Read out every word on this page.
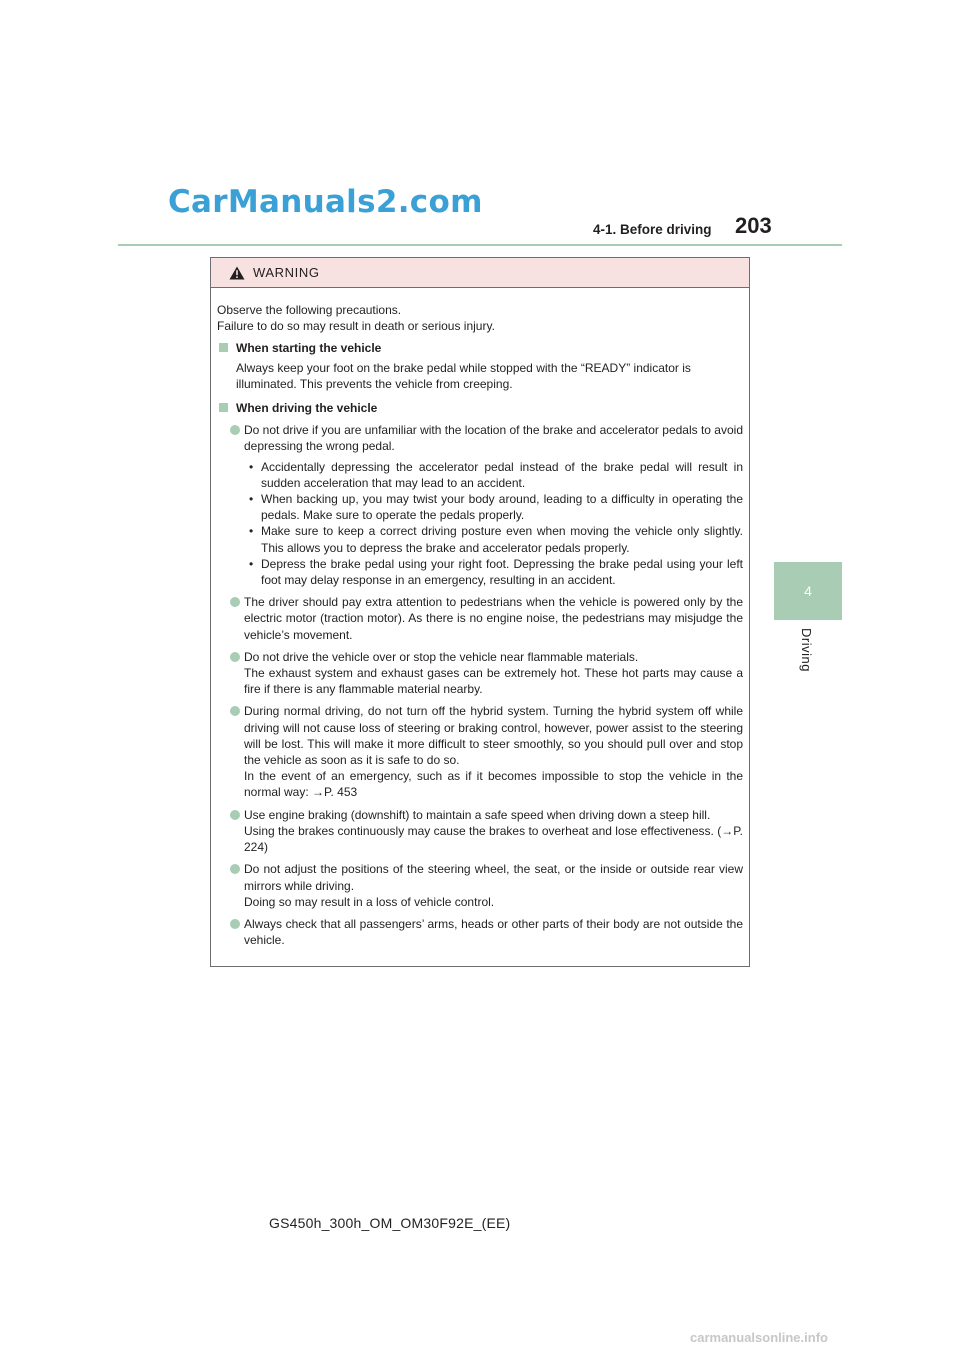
CarManuals2.com
4-1. Before driving 203
4
Driving
WARNING
Observe the following precautions.
Failure to do so may result in death or serious injury.
When starting the vehicle
Always keep your foot on the brake pedal while stopped with the “READY” indicator is illuminated. This prevents the vehicle from creeping.
When driving the vehicle
Do not drive if you are unfamiliar with the location of the brake and accelerator pedals to avoid depressing the wrong pedal.
• Accidentally depressing the accelerator pedal instead of the brake pedal will result in sudden acceleration that may lead to an accident.
• When backing up, you may twist your body around, leading to a difficulty in operating the pedals. Make sure to operate the pedals properly.
• Make sure to keep a correct driving posture even when moving the vehicle only slightly. This allows you to depress the brake and accelerator pedals properly.
• Depress the brake pedal using your right foot. Depressing the brake pedal using your left foot may delay response in an emergency, resulting in an accident.
The driver should pay extra attention to pedestrians when the vehicle is powered only by the electric motor (traction motor). As there is no engine noise, the pedestrians may misjudge the vehicle’s movement.
Do not drive the vehicle over or stop the vehicle near flammable materials.
The exhaust system and exhaust gases can be extremely hot. These hot parts may cause a fire if there is any flammable material nearby.
During normal driving, do not turn off the hybrid system. Turning the hybrid system off while driving will not cause loss of steering or braking control, however, power assist to the steering will be lost. This will make it more difficult to steer smoothly, so you should pull over and stop the vehicle as soon as it is safe to do so.
In the event of an emergency, such as if it becomes impossible to stop the vehicle in the normal way: →P. 453
Use engine braking (downshift) to maintain a safe speed when driving down a steep hill.
Using the brakes continuously may cause the brakes to overheat and lose effectiveness. (→P. 224)
Do not adjust the positions of the steering wheel, the seat, or the inside or outside rear view mirrors while driving.
Doing so may result in a loss of vehicle control.
Always check that all passengers’ arms, heads or other parts of their body are not outside the vehicle.
GS450h_300h_OM_OM30F92E_(EE)
carmanualsonline.info
